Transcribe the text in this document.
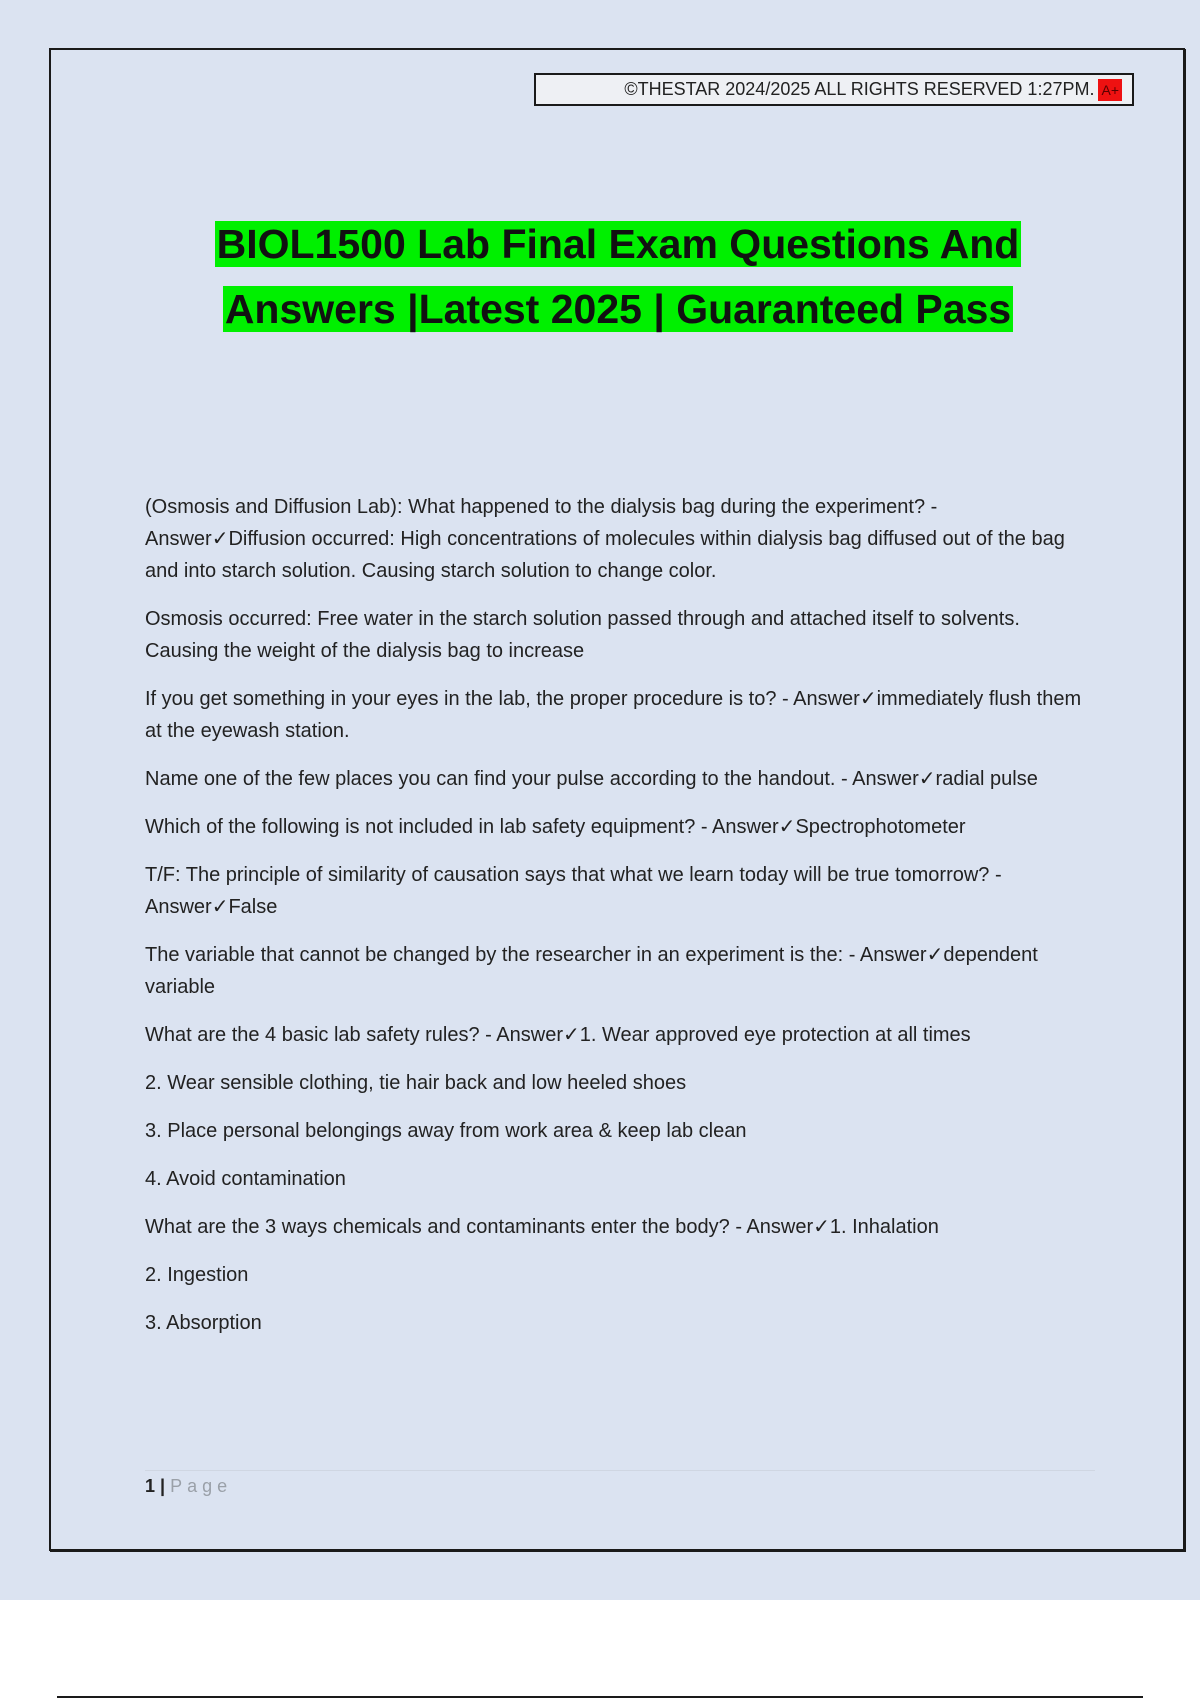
©THESTAR 2024/2025 ALL RIGHTS RESERVED 1:27PM. A+
BIOL1500 Lab Final Exam Questions And
Answers |Latest 2025 | Guaranteed Pass

(Osmosis and Diffusion Lab): What happened to the dialysis bag during the experiment? - Answer✓Diffusion occurred: High concentrations of molecules within dialysis bag diffused out of the bag and into starch solution. Causing starch solution to change color.

Osmosis occurred: Free water in the starch solution passed through and attached itself to solvents. Causing the weight of the dialysis bag to increase

If you get something in your eyes in the lab, the proper procedure is to? - Answer✓immediately flush them at the eyewash station.

Name one of the few places you can find your pulse according to the handout. - Answer✓radial pulse

Which of the following is not included in lab safety equipment? - Answer✓Spectrophotometer

T/F: The principle of similarity of causation says that what we learn today will be true tomorrow? - Answer✓False

The variable that cannot be changed by the researcher in an experiment is the: - Answer✓dependent variable

What are the 4 basic lab safety rules? - Answer✓1. Wear approved eye protection at all times

2. Wear sensible clothing, tie hair back and low heeled shoes

3. Place personal belongings away from work area & keep lab clean

4. Avoid contamination

What are the 3 ways chemicals and contaminants enter the body? - Answer✓1. Inhalation

2. Ingestion

3. Absorption

1 | Page
